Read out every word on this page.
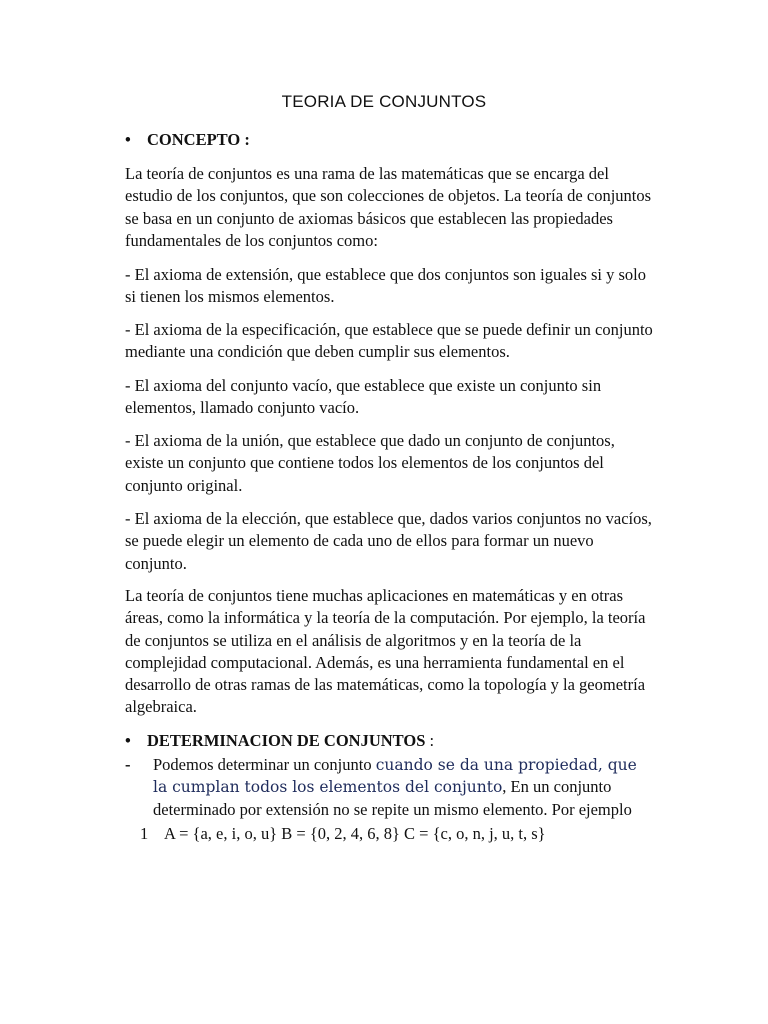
TEORIA DE CONJUNTOS
• CONCEPTO :

La teoría de conjuntos es una rama de las matemáticas que se encarga del estudio de los conjuntos, que son colecciones de objetos. La teoría de conjuntos se basa en un conjunto de axiomas básicos que establecen las propiedades fundamentales de los conjuntos como:

- El axioma de extensión, que establece que dos conjuntos son iguales si y solo si tienen los mismos elementos.

- El axioma de la especificación, que establece que se puede definir un conjunto mediante una condición que deben cumplir sus elementos.

- El axioma del conjunto vacío, que establece que existe un conjunto sin elementos, llamado conjunto vacío.

- El axioma de la unión, que establece que dado un conjunto de conjuntos, existe un conjunto que contiene todos los elementos de los conjuntos del conjunto original.

- El axioma de la elección, que establece que, dados varios conjuntos no vacíos, se puede elegir un elemento de cada uno de ellos para formar un nuevo conjunto.

La teoría de conjuntos tiene muchas aplicaciones en matemáticas y en otras áreas, como la informática y la teoría de la computación. Por ejemplo, la teoría de conjuntos se utiliza en el análisis de algoritmos y en la teoría de la complejidad computacional. Además, es una herramienta fundamental en el desarrollo de otras ramas de las matemáticas, como la topología y la geometría algebraica.

• DETERMINACION DE CONJUNTOS :
- Podemos determinar un conjunto cuando se da una propiedad, que la cumplan todos los elementos del conjunto, En un conjunto determinado por extensión no se repite un mismo elemento. Por ejemplo
1 A = {a, e, i, o, u} B = {0, 2, 4, 6, 8} C = {c, o, n, j, u, t, s}
